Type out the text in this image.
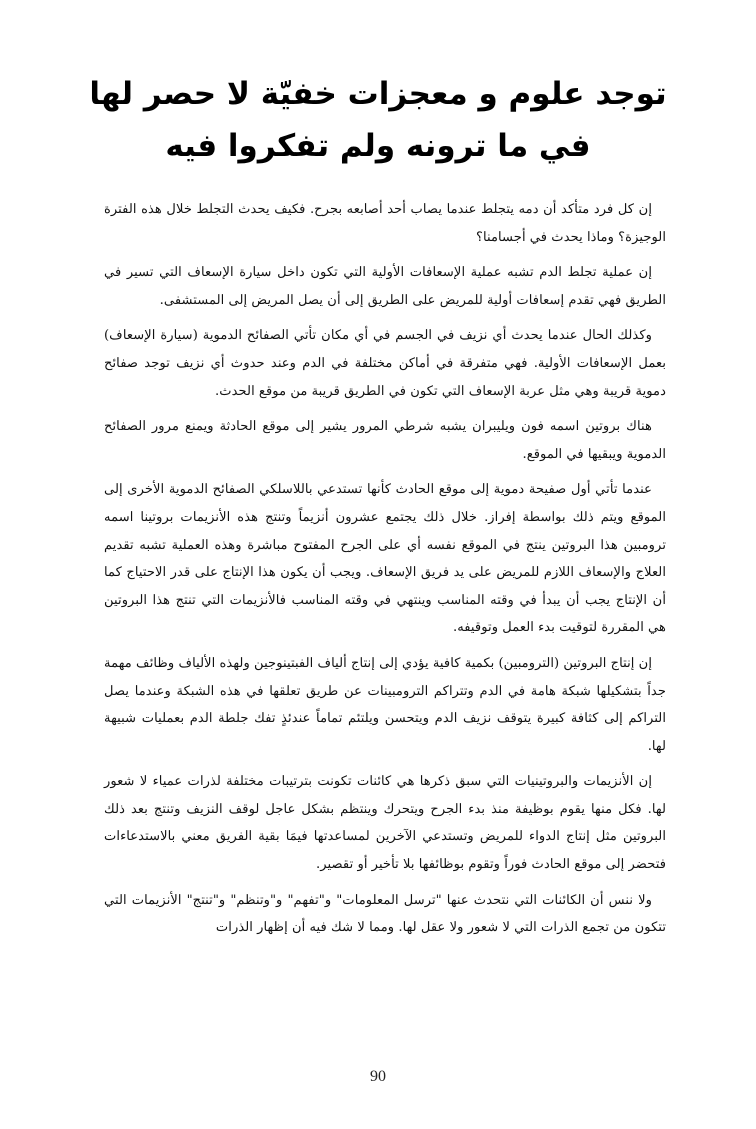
توجد علوم و معجزات خفيّة لا حصر لها
في ما ترونه ولم تفكروا فيه

إن كل فرد متأكد أن دمه يتجلط عندما يصاب أحد أصابعه بجرح. فكيف يحدث التجلط خلال هذه الفترة الوجيزة؟ وماذا يحدث في أجسامنا؟

إن عملية تجلط الدم تشبه عملية الإسعافات الأولية التي تكون داخل سيارة الإسعاف التي تسير في الطريق فهي تقدم إسعافات أولية للمريض على الطريق إلى أن يصل المريض إلى المستشفى.

وكذلك الحال عندما يحدث أي نزيف في الجسم في أي مكان تأتي الصفائح الدموية (سيارة الإسعاف) بعمل الإسعافات الأولية. فهي متفرقة في أماكن مختلفة في الدم وعند حدوث أي نزيف توجد صفائح دموية قريبة وهي مثل عربة الإسعاف التي تكون في الطريق قريبة من موقع الحدث.

هناك بروتين اسمه فون ويليبران يشبه شرطي المرور يشير إلى موقع الحادثة ويمنع مرور الصفائح الدموية ويبقيها في الموقع.

عندما تأتي أول صفيحة دموية إلى موقع الحادث كأنها تستدعي باللاسلكي الصفائح الدموية الأخرى إلى الموقع ويتم ذلك بواسطة إفراز. خلال ذلك يجتمع عشرون أنزيماً وتنتج هذه الأنزيمات بروتينا اسمه ترومبين هذا البروتين ينتج في الموقع نفسه أي على الجرح المفتوح مباشرة وهذه العملية تشبه تقديم العلاج والإسعاف اللازم للمريض على يد فريق الإسعاف. ويجب أن يكون هذا الإنتاج على قدر الاحتياج كما أن الإنتاج يجب أن يبدأ في وقته المناسب وينتهي في وقته المناسب فالأنزيمات التي تنتج هذا البروتين هي المقررة لتوقيت بدء العمل وتوقيفه.

إن إنتاج البروتين (الترومبين) بكمية كافية يؤدي إلى إنتاج ألياف الفبتينوجين ولهذه الألياف وظائف مهمة جداً بتشكيلها شبكة هامة في الدم وتتراكم الترومبينات عن طريق تعلقها في هذه الشبكة وعندما يصل التراكم إلى كثافة كبيرة يتوقف نزيف الدم ويتحسن ويلتئم تماماً عندئذٍ تفك جلطة الدم بعمليات شبيهة لها.

إن الأنزيمات والبروتينيات التي سبق ذكرها هي كائنات تكونت بترتيبات مختلفة لذرات عمياء لا شعور لها. فكل منها يقوم بوظيفة منذ بدء الجرح ويتحرك وينتظم بشكل عاجل لوقف النزيف وتنتج بعد ذلك البروتين مثل إنتاج الدواء للمريض وتستدعي الآخرين لمساعدتها فيمَا بقية الفريق معني بالاستدعاءات فتحضر إلى موقع الحادث فوراً وتقوم بوظائفها بلا تأخير أو تقصير.

ولا ننس أن الكائنات التي نتحدث عنها "ترسل المعلومات" و"تفهم" و"وتنظم" و"تنتج" الأنزيمات التي تتكون من تجمع الذرات التي لا شعور ولا عقل لها. ومما لا شك فيه أن إظهار الذرات

90
